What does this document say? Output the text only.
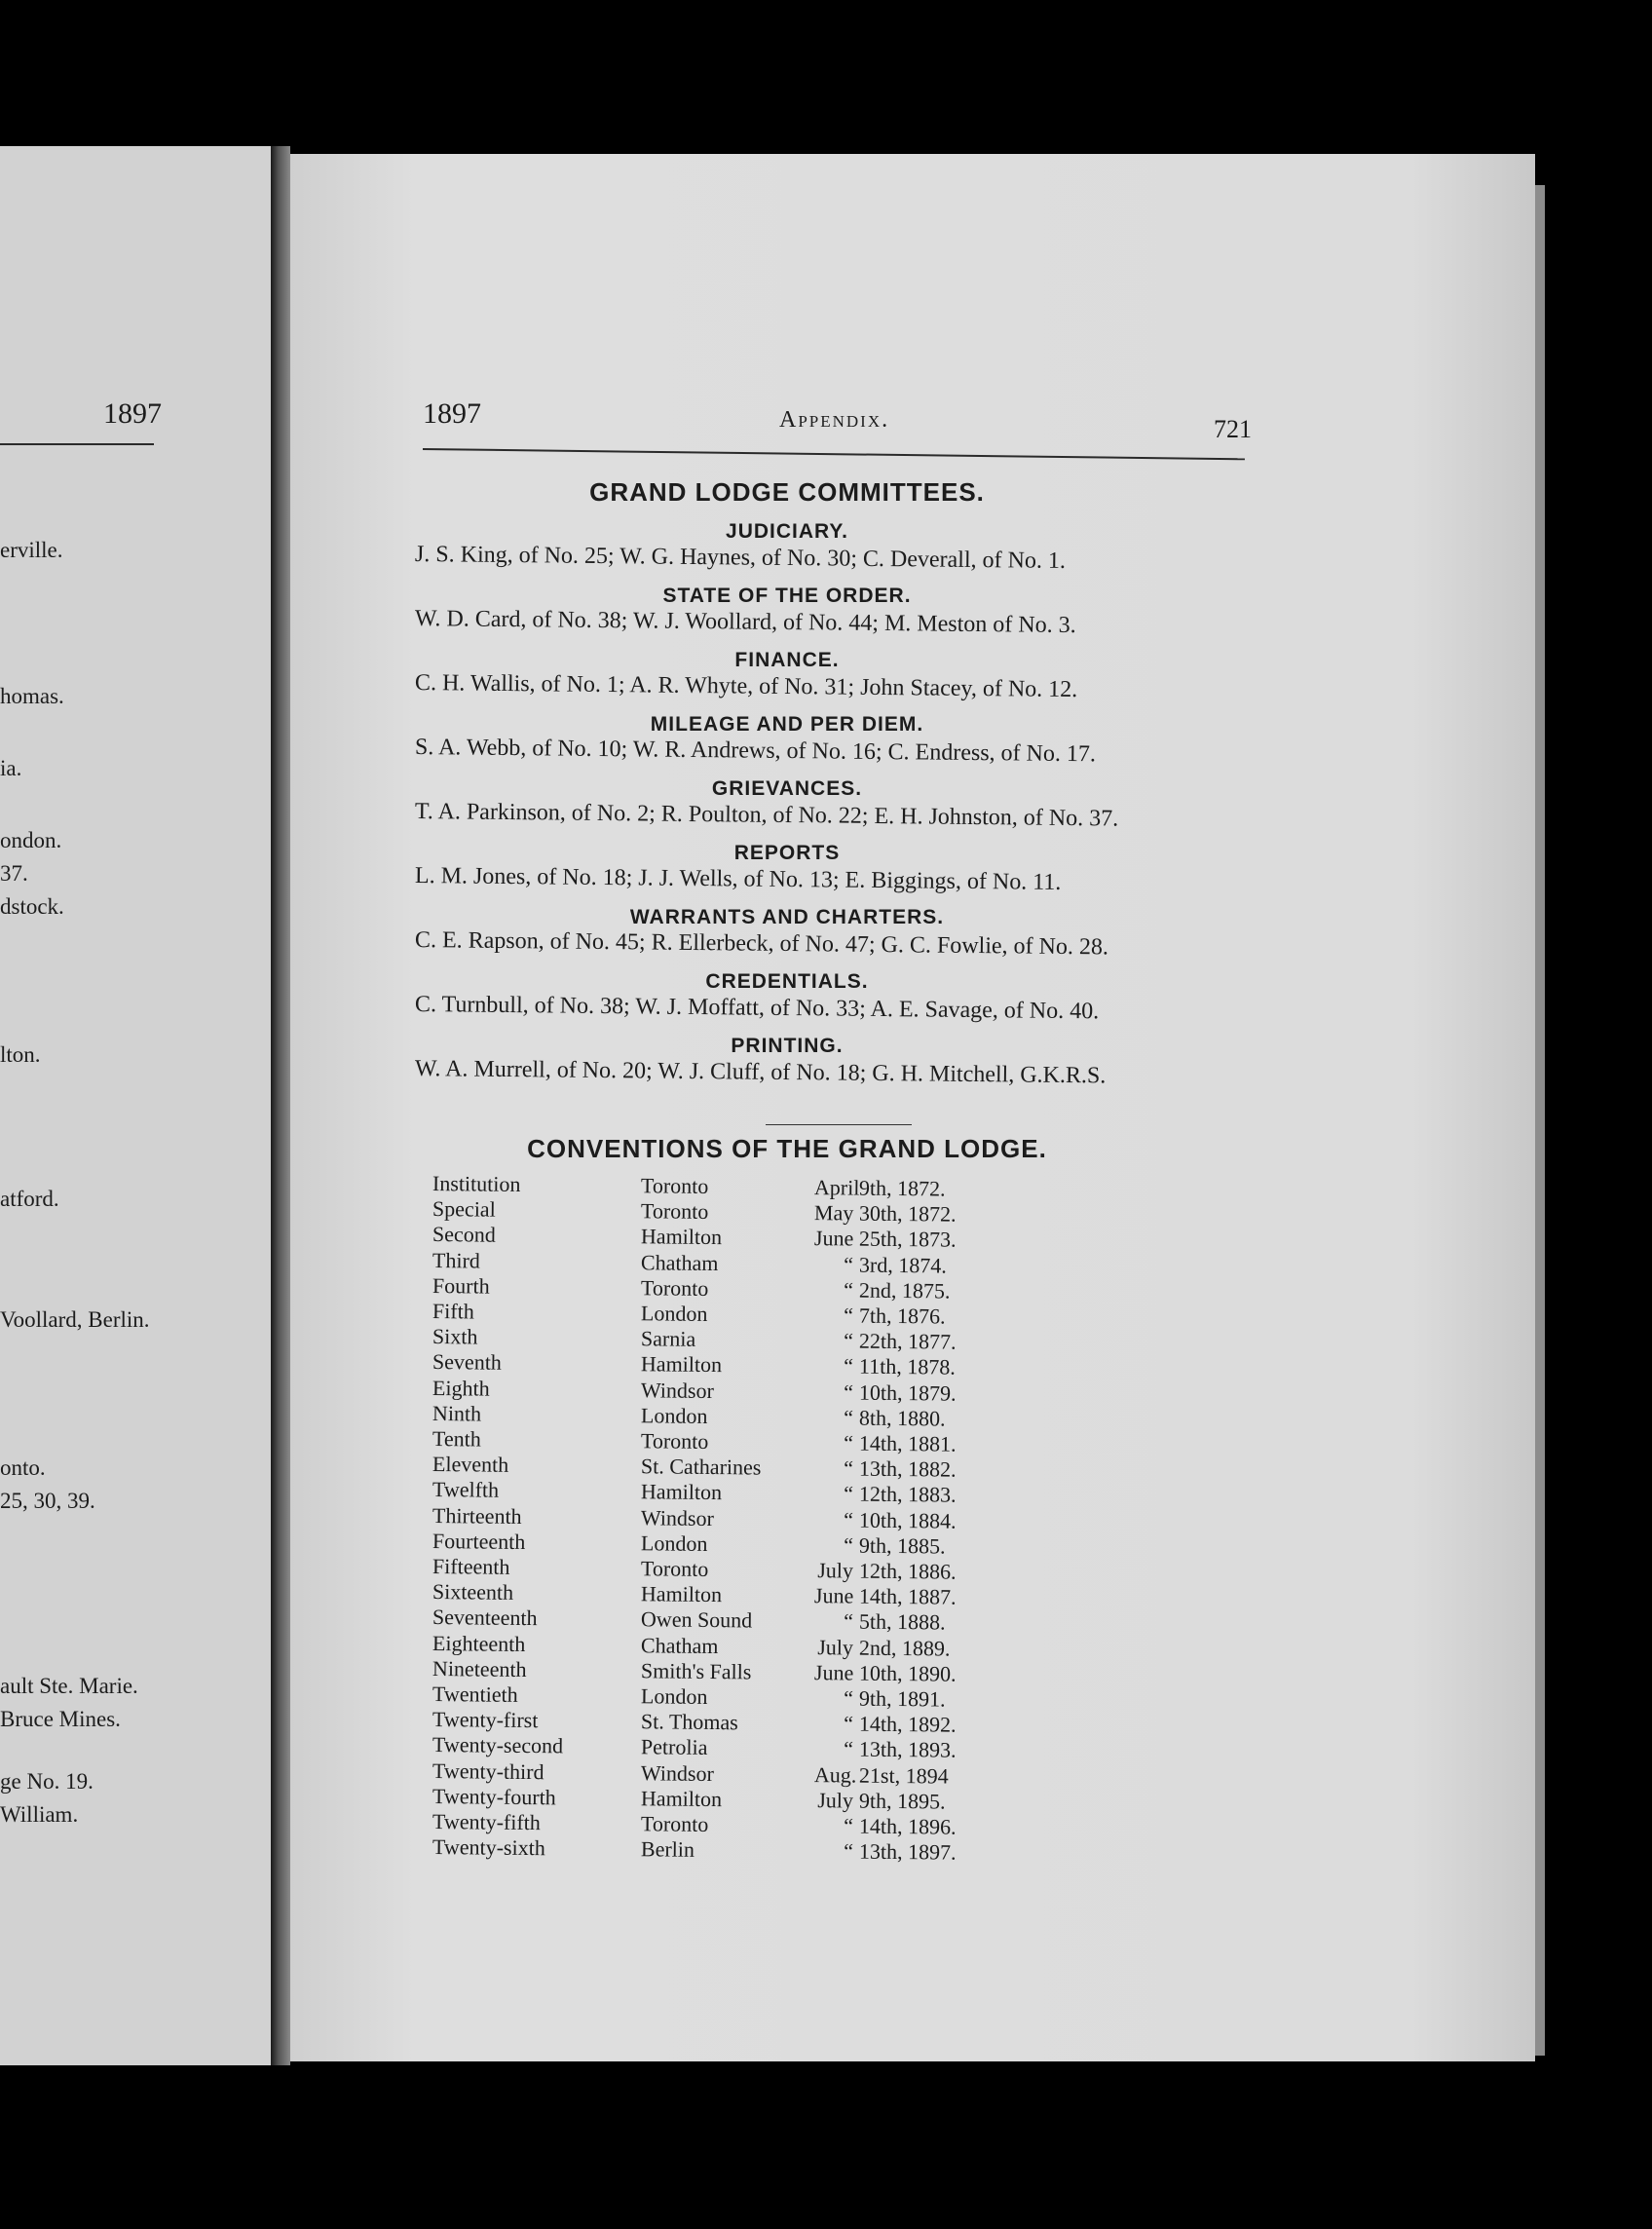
1897
erville.
homas.
ia.
ondon.
37.
dstock.
lton.
atford.
Voollard, Berlin.
onto.
25, 30, 39.
ault Ste. Marie.
Bruce Mines.
ge No. 19.
William.
1897	Appendix.	721
GRAND LODGE COMMITTEES.
JUDICIARY.
J. S. King, of No. 25; W. G. Haynes, of No. 30; C. Deverall, of No. 1.
STATE OF THE ORDER.
W. D. Card, of No. 38; W. J. Woollard, of No. 44; M. Meston of No. 3.
FINANCE.
C. H. Wallis, of No. 1; A. R. Whyte, of No. 31; John Stacey, of No. 12.
MILEAGE AND PER DIEM.
S. A. Webb, of No. 10; W. R. Andrews, of No. 16; C. Endress, of No. 17.
GRIEVANCES.
T. A. Parkinson, of No. 2; R. Poulton, of No. 22; E. H. Johnston, of No. 37.
REPORTS
L. M. Jones, of No. 18; J. J. Wells, of No. 13; E. Biggings, of No. 11.
WARRANTS AND CHARTERS.
C. E. Rapson, of No. 45; R. Ellerbeck, of No. 47; G. C. Fowlie, of No. 28.
CREDENTIALS.
C. Turnbull, of No. 38; W. J. Moffatt, of No. 33; A. E. Savage, of No. 40.
PRINTING.
W. A. Murrell, of No. 20; W. J. Cluff, of No. 18; G. H. Mitchell, G.K.R.S.
CONVENTIONS OF THE GRAND LODGE.
Institution	Toronto	April 9th, 1872.
Special	Toronto	May 30th, 1872.
Second	Hamilton	June 25th, 1873.
Third	Chatham	“ 3rd, 1874.
Fourth	Toronto	“ 2nd, 1875.
Fifth	London	“ 7th, 1876.
Sixth	Sarnia	“ 22th, 1877.
Seventh	Hamilton	“ 11th, 1878.
Eighth	Windsor	“ 10th, 1879.
Ninth	London	“ 8th, 1880.
Tenth	Toronto	“ 14th, 1881.
Eleventh	St. Catharines	“ 13th, 1882.
Twelfth	Hamilton	“ 12th, 1883.
Thirteenth	Windsor	“ 10th, 1884.
Fourteenth	London	“ 9th, 1885.
Fifteenth	Toronto	July 12th, 1886.
Sixteenth	Hamilton	June 14th, 1887.
Seventeenth	Owen Sound	“ 5th, 1888.
Eighteenth	Chatham	July 2nd, 1889.
Nineteenth	Smith's Falls	June 10th, 1890.
Twentieth	London	“ 9th, 1891.
Twenty-first	St. Thomas	“ 14th, 1892.
Twenty-second	Petrolia	“ 13th, 1893.
Twenty-third	Windsor	Aug. 21st, 1894
Twenty-fourth	Hamilton	July 9th, 1895.
Twenty-fifth	Toronto	“ 14th, 1896.
Twenty-sixth	Berlin	“ 13th, 1897.
